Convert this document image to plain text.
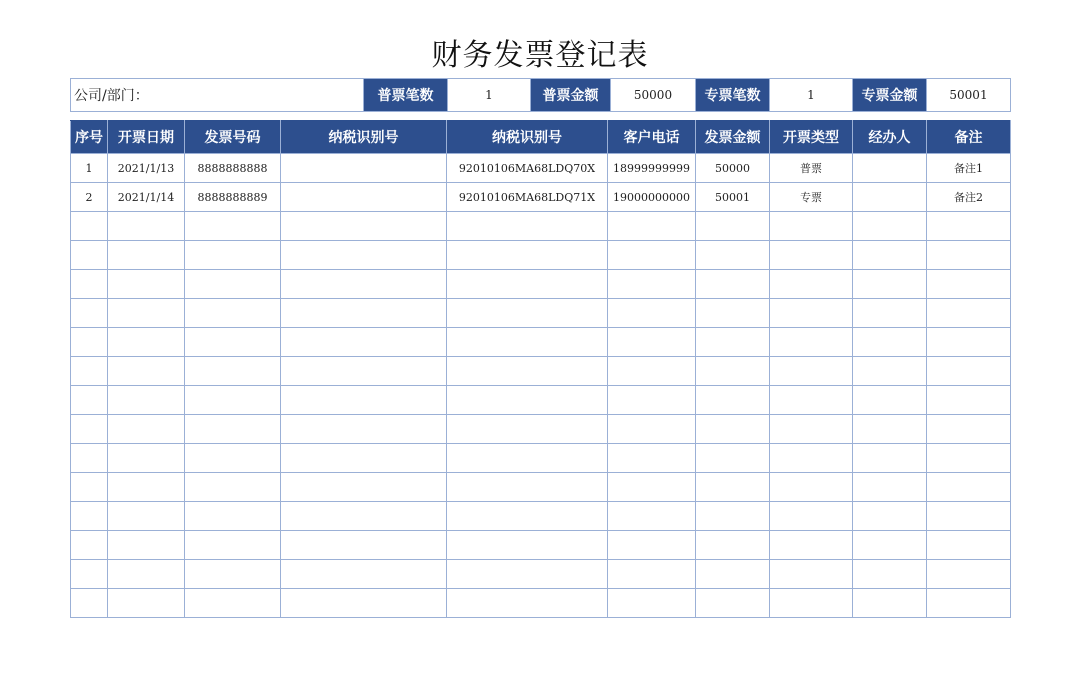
财务发票登记表
公司/部门：	普票笔数	1	普票金额	50000	专票笔数	1	专票金额	50001
序号	开票日期	发票号码	纳税识别号	纳税识别号	客户电话	发票金额	开票类型	经办人	备注
1	2021/1/13	8888888888		92010106MA68LDQ70X	18999999999	50000	普票		备注1
2	2021/1/14	8888888889		92010106MA68LDQ71X	19000000000	50001	专票		备注2
